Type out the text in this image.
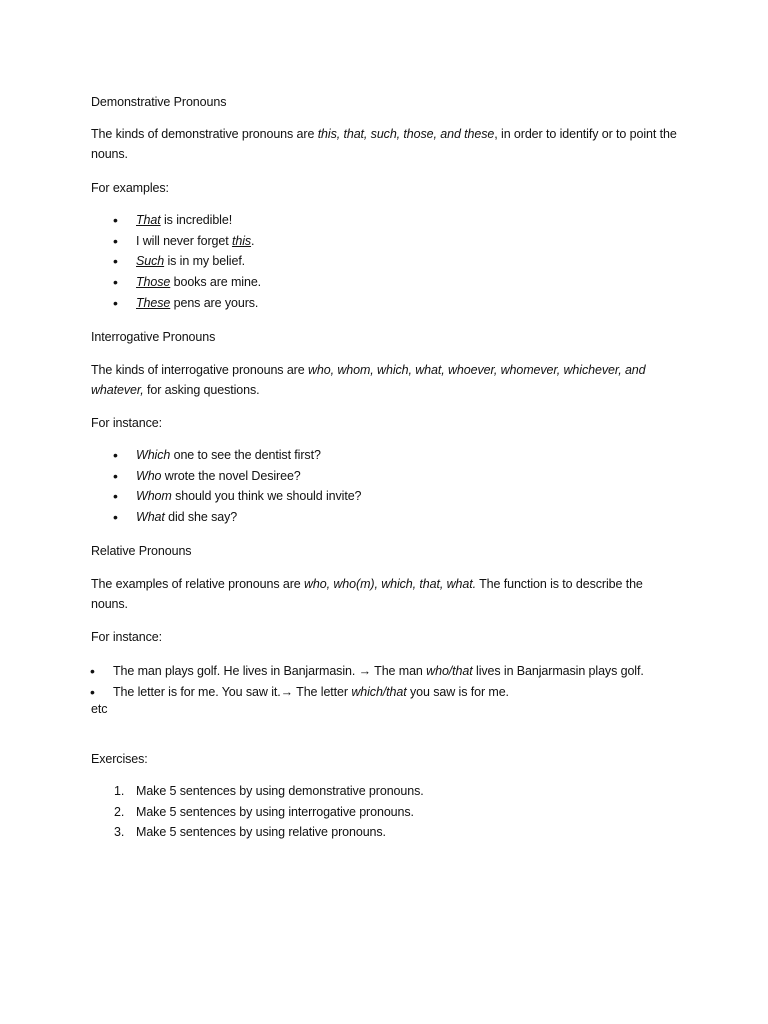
Demonstrative Pronouns

The kinds of demonstrative pronouns are this, that, such, those, and these, in order to identify or to point the nouns.

For examples:

• That is incredible!
• I will never forget this.
• Such is in my belief.
• Those books are mine.
• These pens are yours.

Interrogative Pronouns

The kinds of interrogative pronouns are who, whom, which, what, whoever, whomever, whichever, and whatever, for asking questions.

For instance:

• Which one to see the dentist first?
• Who wrote the novel Desiree?
• Whom should you think we should invite?
• What did she say?

Relative Pronouns

The examples of relative pronouns are who, who(m), which, that, what. The function is to describe the nouns.

For instance:

• The man plays golf. He lives in Banjarmasin. → The man who/that lives in Banjarmasin plays golf.
• The letter is for me. You saw it.→ The letter which/that you saw is for me.

etc

Exercises:

1. Make 5 sentences by using demonstrative pronouns.
2. Make 5 sentences by using interrogative pronouns.
3. Make 5 sentences by using relative pronouns.
